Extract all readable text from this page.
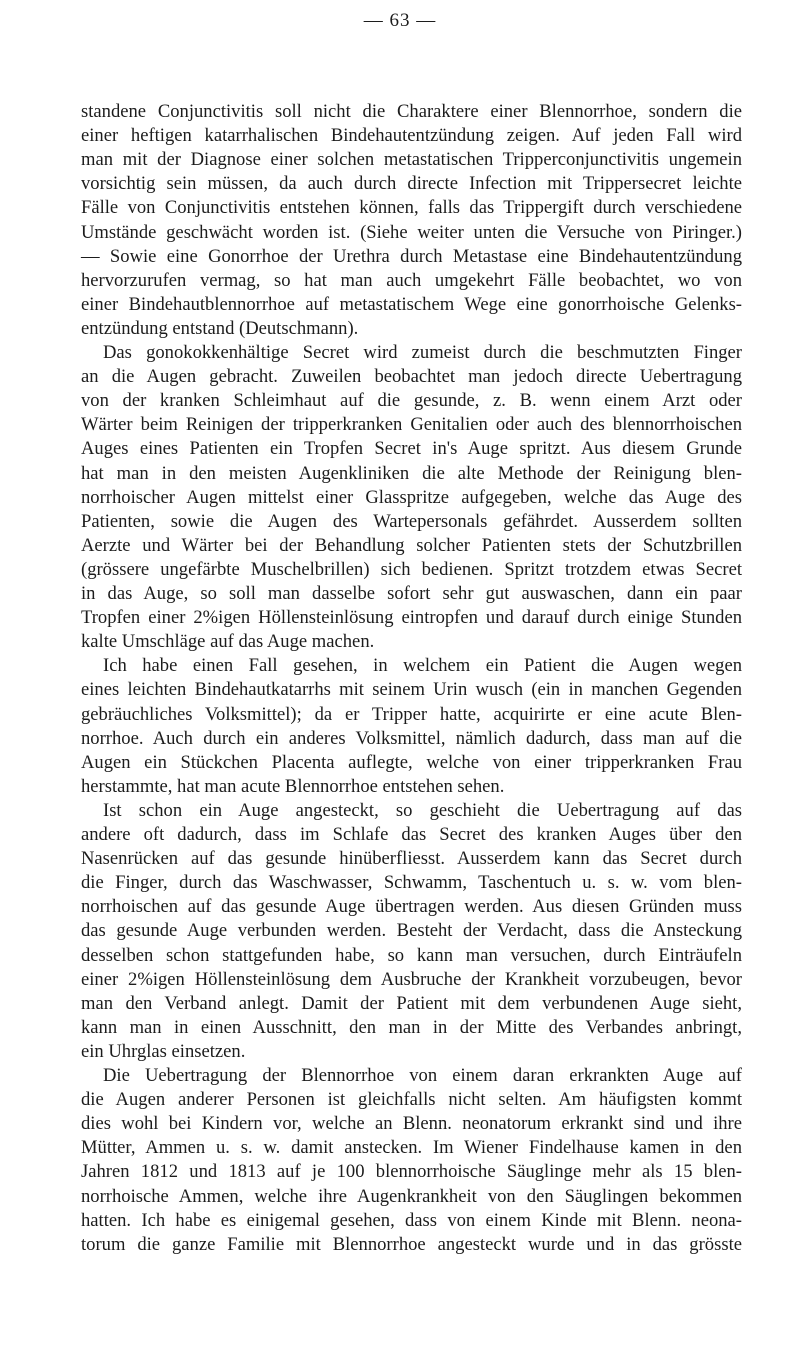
— 63 —
standene Conjunctivitis soll nicht die Charaktere einer Blennorrhoe, sondern die
einer heftigen katarrhalischen Bindehautentzündung zeigen. Auf jeden Fall wird
man mit der Diagnose einer solchen metastatischen Tripperconjunctivitis ungemein
vorsichtig sein müssen, da auch durch directe Infection mit Trippersecret leichte
Fälle von Conjunctivitis entstehen können, falls das Trippergift durch verschiedene
Umstände geschwächt worden ist. (Siehe weiter unten die Versuche von Piringer.)
— Sowie eine Gonorrhoe der Urethra durch Metastase eine Bindehautentzündung
hervorzurufen vermag, so hat man auch umgekehrt Fälle beobachtet, wo von
einer Bindehautblennorrhoe auf metastatischem Wege eine gonorrhoische Gelenks-
entzündung entstand (Deutschmann).
Das gonokokkenhältige Secret wird zumeist durch die beschmutzten Finger
an die Augen gebracht. Zuweilen beobachtet man jedoch directe Uebertragung
von der kranken Schleimhaut auf die gesunde, z. B. wenn einem Arzt oder
Wärter beim Reinigen der tripperkranken Genitalien oder auch des blennorrhoischen
Auges eines Patienten ein Tropfen Secret in's Auge spritzt. Aus diesem Grunde
hat man in den meisten Augenkliniken die alte Methode der Reinigung blen-
norrhoischer Augen mittelst einer Glasspritze aufgegeben, welche das Auge des
Patienten, sowie die Augen des Wartepersonals gefährdet. Ausserdem sollten
Aerzte und Wärter bei der Behandlung solcher Patienten stets der Schutzbrillen
(grössere ungefärbte Muschelbrillen) sich bedienen. Spritzt trotzdem etwas Secret
in das Auge, so soll man dasselbe sofort sehr gut auswaschen, dann ein paar
Tropfen einer 2%igen Höllensteinlösung eintropfen und darauf durch einige Stunden
kalte Umschläge auf das Auge machen.
Ich habe einen Fall gesehen, in welchem ein Patient die Augen wegen
eines leichten Bindehautkatarrhs mit seinem Urin wusch (ein in manchen Gegenden
gebräuchliches Volksmittel); da er Tripper hatte, acquirirte er eine acute Blen-
norrhoe. Auch durch ein anderes Volksmittel, nämlich dadurch, dass man auf die
Augen ein Stückchen Placenta auflegte, welche von einer tripperkranken Frau
herstammte, hat man acute Blennorrhoe entstehen sehen.
Ist schon ein Auge angesteckt, so geschieht die Uebertragung auf das
andere oft dadurch, dass im Schlafe das Secret des kranken Auges über den
Nasenrücken auf das gesunde hinüberfliesst. Ausserdem kann das Secret durch
die Finger, durch das Waschwasser, Schwamm, Taschentuch u. s. w. vom blen-
norrhoischen auf das gesunde Auge übertragen werden. Aus diesen Gründen muss
das gesunde Auge verbunden werden. Besteht der Verdacht, dass die Ansteckung
desselben schon stattgefunden habe, so kann man versuchen, durch Einträufeln
einer 2%igen Höllensteinlösung dem Ausbruche der Krankheit vorzubeugen, bevor
man den Verband anlegt. Damit der Patient mit dem verbundenen Auge sieht,
kann man in einen Ausschnitt, den man in der Mitte des Verbandes anbringt,
ein Uhrglas einsetzen.
Die Uebertragung der Blennorrhoe von einem daran erkrankten Auge auf
die Augen anderer Personen ist gleichfalls nicht selten. Am häufigsten kommt
dies wohl bei Kindern vor, welche an Blenn. neonatorum erkrankt sind und ihre
Mütter, Ammen u. s. w. damit anstecken. Im Wiener Findelhause kamen in den
Jahren 1812 und 1813 auf je 100 blennorrhoische Säuglinge mehr als 15 blen-
norrhoische Ammen, welche ihre Augenkrankheit von den Säuglingen bekommen
hatten. Ich habe es einigemal gesehen, dass von einem Kinde mit Blenn. neona-
torum die ganze Familie mit Blennorrhoe angesteckt wurde und in das grösste
